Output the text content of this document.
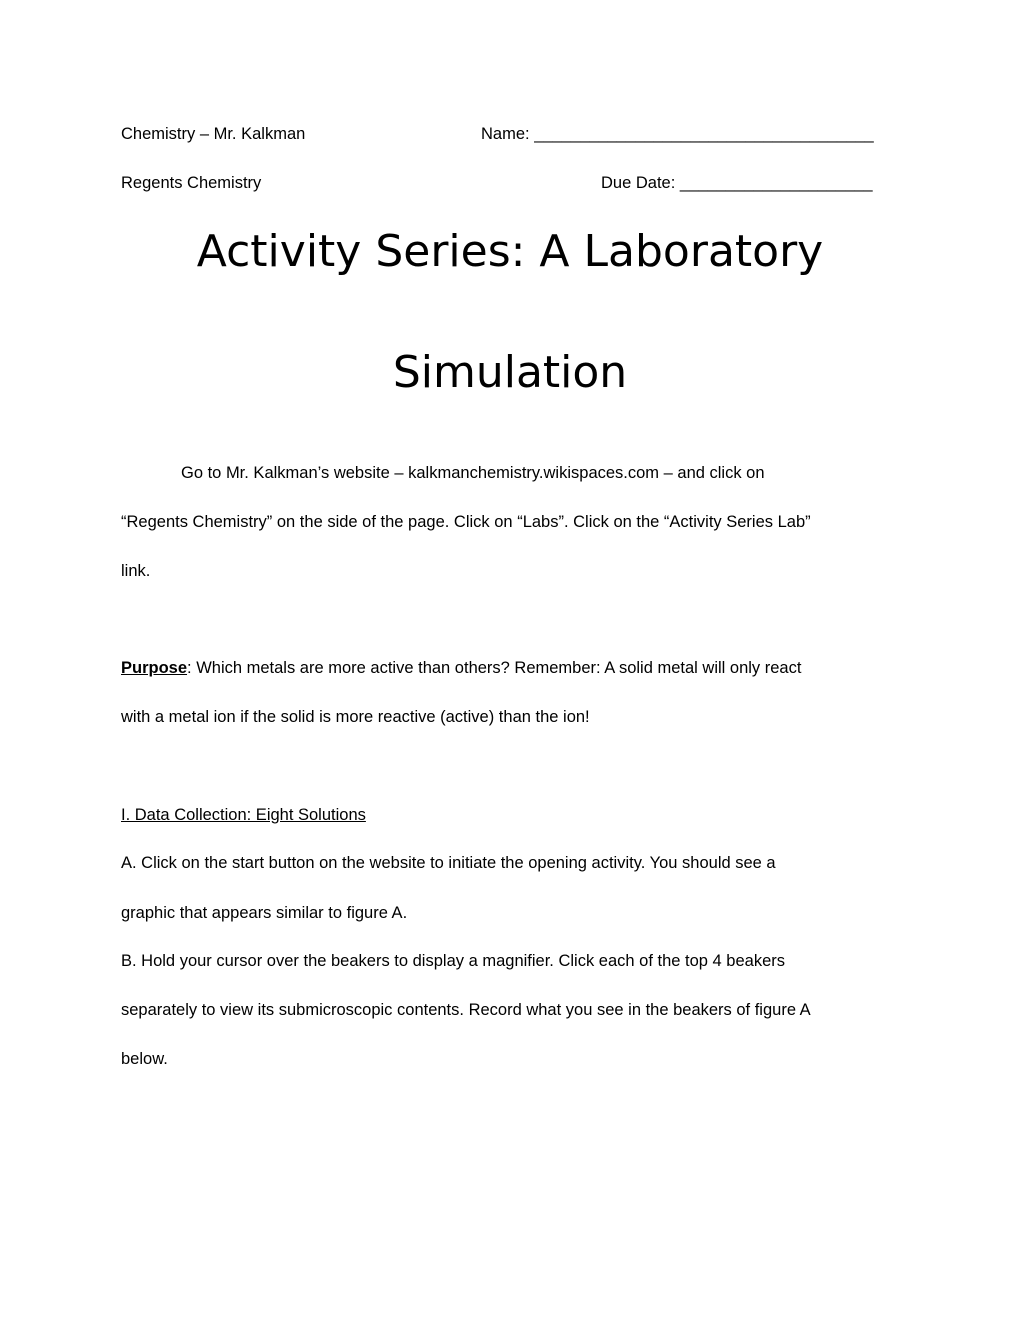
Chemistry – Mr. Kalkman	Name: _____________________________________
Regents Chemistry	Due Date: _____________________
Activity Series: A Laboratory
Simulation
Go to Mr. Kalkman’s website – kalkmanchemistry.wikispaces.com – and click on
“Regents Chemistry” on the side of the page. Click on “Labs”. Click on the “Activity Series Lab”
link.
Purpose: Which metals are more active than others? Remember: A solid metal will only react
with a metal ion if the solid is more reactive (active) than the ion!
I. Data Collection: Eight Solutions
A. Click on the start button on the website to initiate the opening activity. You should see a
graphic that appears similar to figure A.
B. Hold your cursor over the beakers to display a magnifier. Click each of the top 4 beakers
separately to view its submicroscopic contents. Record what you see in the beakers of figure A
below.
